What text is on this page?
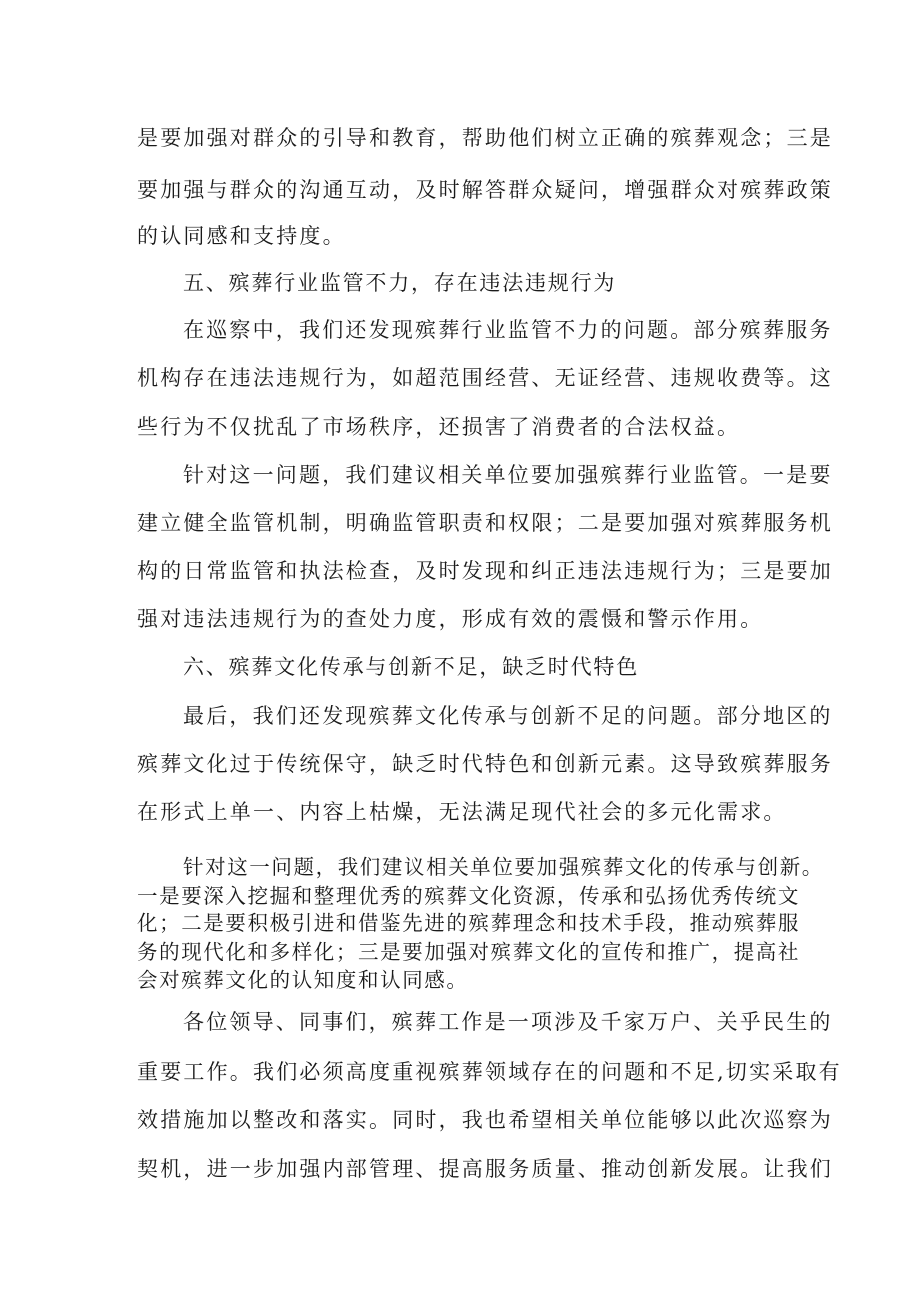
是要加强对群众的引导和教育，帮助他们树立正确的殡葬观念；三是

要加强与群众的沟通互动，及时解答群众疑问，增强群众对殡葬政策

的认同感和支持度。

五、殡葬行业监管不力，存在违法违规行为

在巡察中，我们还发现殡葬行业监管不力的问题。部分殡葬服务

机构存在违法违规行为，如超范围经营、无证经营、违规收费等。这

些行为不仅扰乱了市场秩序，还损害了消费者的合法权益。

针对这一问题，我们建议相关单位要加强殡葬行业监管。一是要

建立健全监管机制，明确监管职责和权限；二是要加强对殡葬服务机

构的日常监管和执法检查，及时发现和纠正违法违规行为；三是要加

强对违法违规行为的查处力度，形成有效的震慑和警示作用。

六、殡葬文化传承与创新不足，缺乏时代特色

最后，我们还发现殡葬文化传承与创新不足的问题。部分地区的

殡葬文化过于传统保守，缺乏时代特色和创新元素。这导致殡葬服务

在形式上单一、内容上枯燥，无法满足现代社会的多元化需求。

针对这一问题，我们建议相关单位要加强殡葬文化的传承与创新。

一是要深入挖掘和整理优秀的殡葬文化资源，传承和弘扬优秀传统文

化；二是要积极引进和借鉴先进的殡葬理念和技术手段，推动殡葬服

务的现代化和多样化；三是要加强对殡葬文化的宣传和推广，提高社

会对殡葬文化的认知度和认同感。

各位领导、同事们，殡葬工作是一项涉及千家万户、关乎民生的

重要工作。我们必须高度重视殡葬领域存在的问题和不足,切实采取有

效措施加以整改和落实。同时，我也希望相关单位能够以此次巡察为

契机，进一步加强内部管理、提高服务质量、推动创新发展。让我们
